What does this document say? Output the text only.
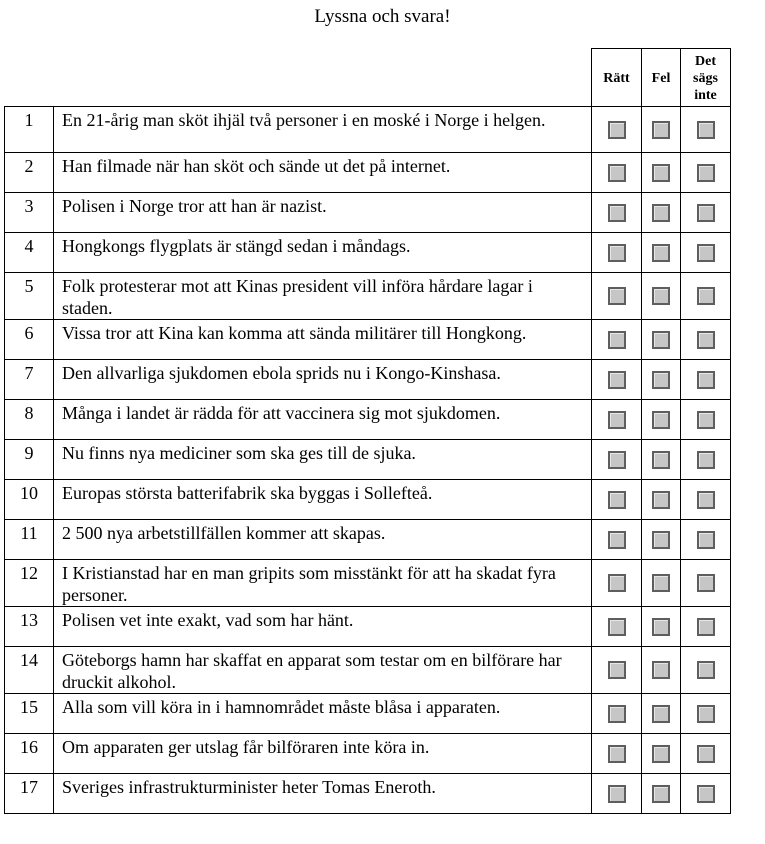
Lyssna och svara!
		Rätt	Fel	Det
sägs
inte
1	En 21-årig man sköt ihjäl två personer i en moské i Norge i helgen.			
2	Han filmade när han sköt och sände ut det på internet.			
3	Polisen i Norge tror att han är nazist.			
4	Hongkongs flygplats är stängd sedan i måndags.			
5	Folk protesterar mot att Kinas president vill införa hårdare lagar i staden.			
6	Vissa tror att Kina kan komma att sända militärer till Hongkong.			
7	Den allvarliga sjukdomen ebola sprids nu i Kongo-Kinshasa.			
8	Många i landet är rädda för att vaccinera sig mot sjukdomen.			
9	Nu finns nya mediciner som ska ges till de sjuka.			
10	Europas största batterifabrik ska byggas i Sollefteå.			
11	2 500 nya arbetstillfällen kommer att skapas.			
12	I Kristianstad har en man gripits som misstänkt för att ha skadat fyra personer.			
13	Polisen vet inte exakt, vad som har hänt.			
14	Göteborgs hamn har skaffat en apparat som testar om en bilförare har druckit alkohol.			
15	Alla som vill köra in i hamnområdet måste blåsa i apparaten.			
16	Om apparaten ger utslag får bilföraren inte köra in.			
17	Sveriges infrastrukturminister heter Tomas Eneroth.			
